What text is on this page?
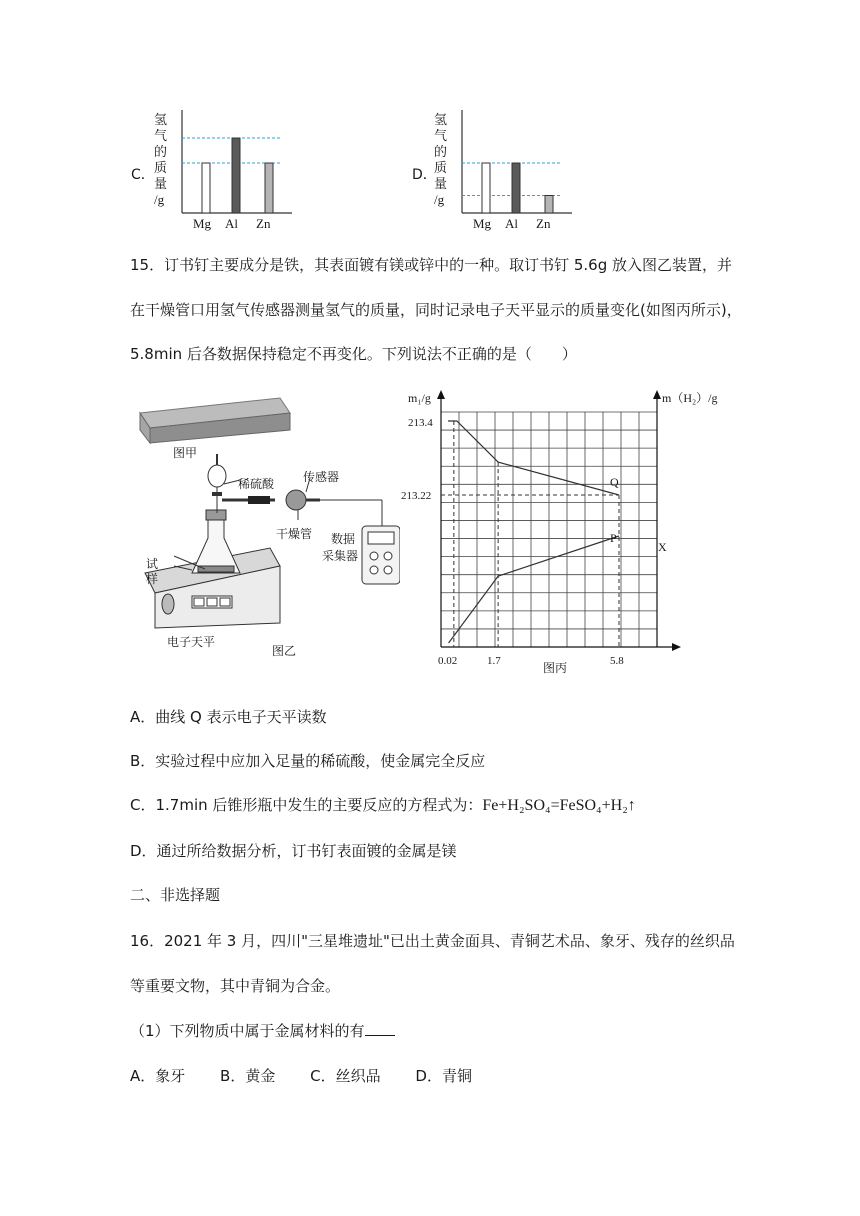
C．
氢
气
的
质
量
/g
Mg Al Zn
D．
氢
气
的
质
量
/g
Mg Al Zn
15．订书钉主要成分是铁，其表面镀有镁或锌中的一种。取订书钉 5.6g 放入图乙装置，并
在干燥管口用氢气传感器测量氢气的质量，同时记录电子天平显示的质量变化(如图丙所示)，
5.8min 后各数据保持稳定不再变化。下列说法不正确的是（　　）
图甲
稀硫酸 传感器
干燥管 数据
采集器
试
样
电子天平
图乙
m₁/g	m（H₂）/g
213.4
213.22
0.02	1.7	5.8
Q
P
X
图丙
A．曲线 Q 表示电子天平读数
B．实验过程中应加入足量的稀硫酸，使金属完全反应
C．1.7min 后锥形瓶中发生的主要反应的方程式为：Fe+H₂SO₄=FeSO₄+H₂↑
D．通过所给数据分析，订书钉表面镀的金属是镁
二、非选择题
16．2021 年 3 月，四川"三星堆遗址"已出土黄金面具、青铜艺术品、象牙、残存的丝织品
等重要文物，其中青铜为合金。
（1）下列物质中属于金属材料的有
A．象牙 B．黄金 C．丝织品 D．青铜
